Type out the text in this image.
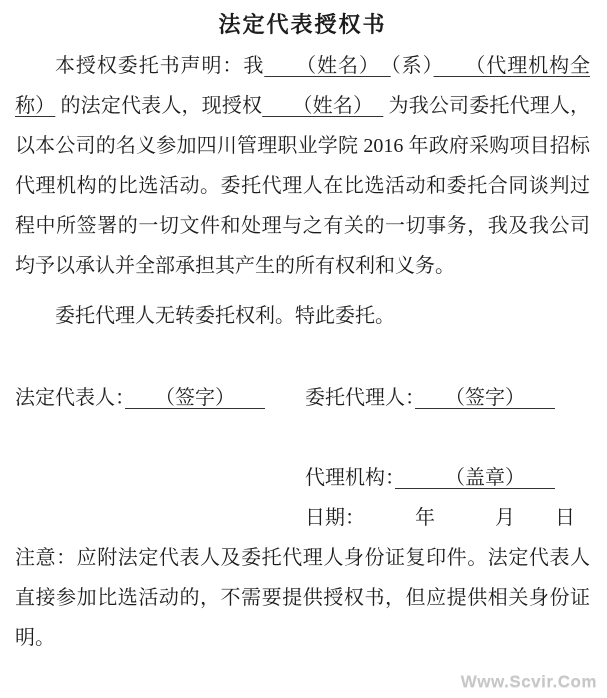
法定代表授权书

本授权委托书声明：我　　（姓名）　（系）　　（代理机构全称） 的法定代表人，现授权　　（姓名）　 为我公司委托代理人，以本公司的名义参加四川管理职业学院 2016 年政府采购项目招标代理机构的比选活动。委托代理人在比选活动和委托合同谈判过程中所签署的一切文件和处理与之有关的一切事务，我及我公司均予以承认并全部承担其产生的所有权利和义务。

委托代理人无转委托权利。特此委托。

法定代表人：　　（签字）　　	委托代理人：　　（签字）　　
代理机构：　　　（盖章）　　
日期：　　　年　　　月　　日

注意：应附法定代表人及委托代理人身份证复印件。法定代表人直接参加比选活动的，不需要提供授权书，但应提供相关身份证明。

Www.Scvir.Com
